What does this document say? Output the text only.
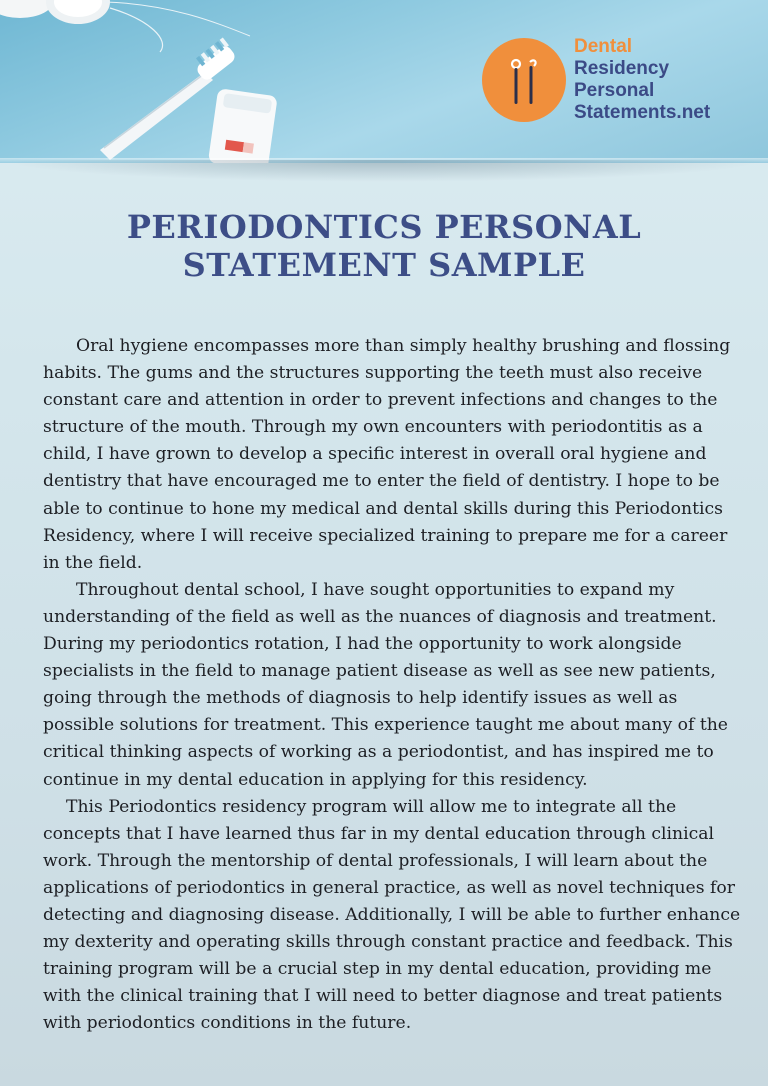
Dental
Residency
Personal
Statements.net
PERIODONTICS PERSONAL
STATEMENT SAMPLE

Oral hygiene encompasses more than simply healthy brushing and flossing habits. The gums and the structures supporting the teeth must also receive constant care and attention in order to prevent infections and changes to the structure of the mouth. Through my own encounters with periodontitis as a child, I have grown to develop a specific interest in overall oral hygiene and dentistry that have encouraged me to enter the field of dentistry. I hope to be able to continue to hone my medical and dental skills during this Periodontics Residency, where I will receive specialized training to prepare me for a career in the field.

Throughout dental school, I have sought opportunities to expand my understanding of the field as well as the nuances of diagnosis and treatment. During my periodontics rotation, I had the opportunity to work alongside specialists in the field to manage patient disease as well as see new patients, going through the methods of diagnosis to help identify issues as well as possible solutions for treatment. This experience taught me about many of the critical thinking aspects of working as a periodontist, and has inspired me to continue in my dental education in applying for this residency.

This Periodontics residency program will allow me to integrate all the concepts that I have learned thus far in my dental education through clinical work. Through the mentorship of dental professionals, I will learn about the applications of periodontics in general practice, as well as novel techniques for detecting and diagnosing disease. Additionally, I will be able to further enhance my dexterity and operating skills through constant practice and feedback. This training program will be a crucial step in my dental education, providing me with the clinical training that I will need to better diagnose and treat patients with periodontics conditions in the future.
